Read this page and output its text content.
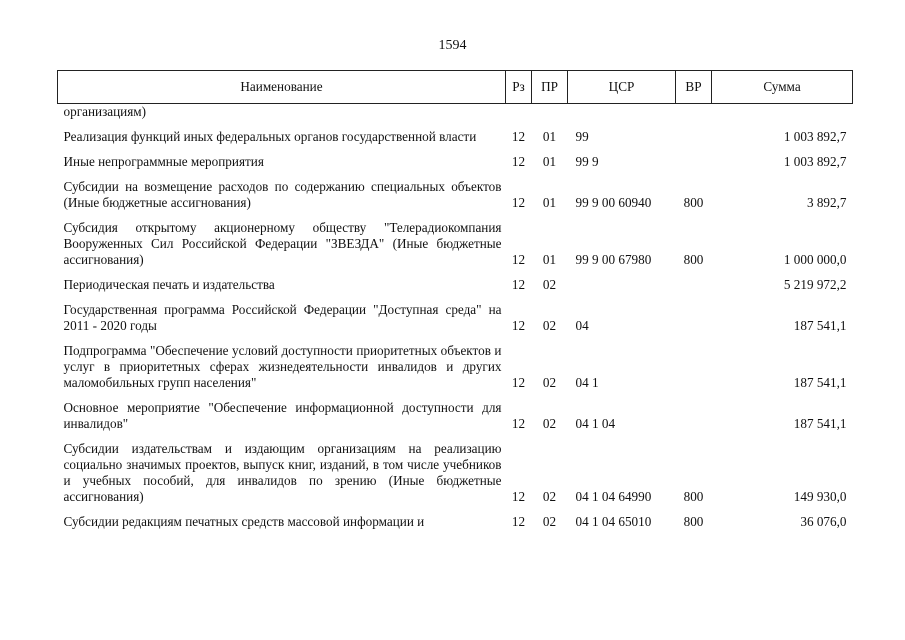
1594
Наименование	Рз	ПР	ЦСР	ВР	Сумма
организациям)					

Реализация функций иных федеральных органов государственной власти	12	01	99		1 003 892,7

Иные непрограммные мероприятия	12	01	99 9		1 003 892,7

Субсидии на возмещение расходов по содержанию специальных объектов (Иные бюджетные ассигнования)	12	01	99 9 00 60940	800	3 892,7

Субсидия открытому акционерному обществу "Телерадиокомпания Вооруженных Сил Российской Федерации "ЗВЕЗДА" (Иные бюджетные ассигнования)	12	01	99 9 00 67980	800	1 000 000,0

Периодическая печать и издательства	12	02			5 219 972,2

Государственная программа Российской Федерации "Доступная среда" на 2011 - 2020 годы	12	02	04		187 541,1

Подпрограмма "Обеспечение условий доступности приоритетных объектов и услуг в приоритетных сферах жизнедеятельности инвалидов и других маломобильных групп населения"	12	02	04 1		187 541,1

Основное мероприятие "Обеспечение информационной доступности для инвалидов"	12	02	04 1 04		187 541,1

Субсидии издательствам и издающим организациям на реализацию социально значимых проектов, выпуск книг, изданий, в том числе учебников и учебных пособий, для инвалидов по зрению (Иные бюджетные ассигнования)	12	02	04 1 04 64990	800	149 930,0

Субсидии редакциям печатных средств массовой информации и	12	02	04 1 04 65010	800	36 076,0
